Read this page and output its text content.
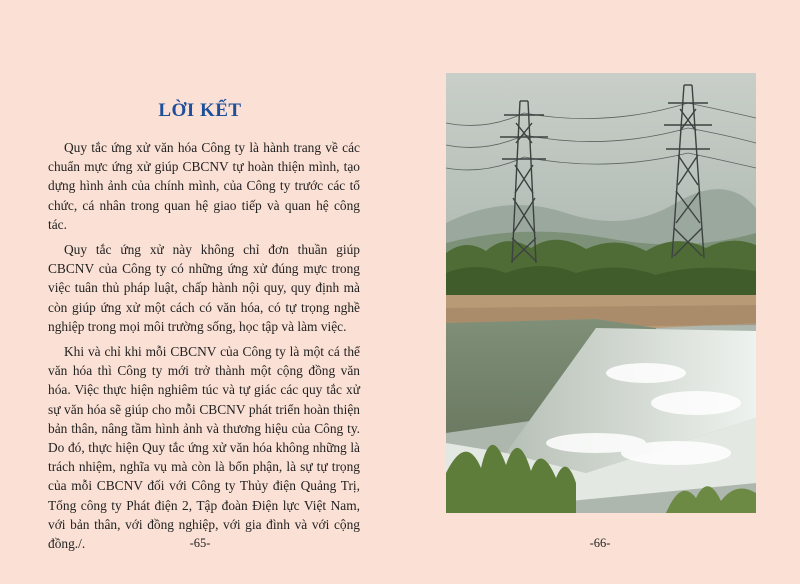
LỜI KẾT

Quy tắc ứng xử văn hóa Công ty là hành trang về các chuẩn mực ứng xử giúp CBCNV tự hoàn thiện mình, tạo dựng hình ảnh của chính mình, của Công ty trước các tổ chức, cá nhân trong quan hệ giao tiếp và quan hệ công tác.

Quy tắc ứng xử này không chỉ đơn thuần giúp CBCNV của Công ty có những ứng xử đúng mực trong việc tuân thủ pháp luật, chấp hành nội quy, quy định mà còn giúp ứng xử một cách có văn hóa, có tự trọng nghề nghiệp trong mọi môi trường sống, học tập và làm việc.

Khi và chỉ khi mỗi CBCNV của Công ty là một cá thể văn hóa thì Công ty mới trở thành một cộng đồng văn hóa. Việc thực hiện nghiêm túc và tự giác các quy tắc xử sự văn hóa sẽ giúp cho mỗi CBCNV phát triển hoàn thiện bản thân, nâng tầm hình ảnh và thương hiệu của Công ty. Do đó, thực hiện Quy tắc ứng xử văn hóa không những là trách nhiệm, nghĩa vụ mà còn là bổn phận, là sự tự trọng của mỗi CBCNV đối với Công ty Thủy điện Quảng Trị, Tổng công ty Phát điện 2, Tập đoàn Điện lực Việt Nam, với bản thân, với đồng nghiệp, với gia đình và với cộng đồng./.	-65-	-66-
